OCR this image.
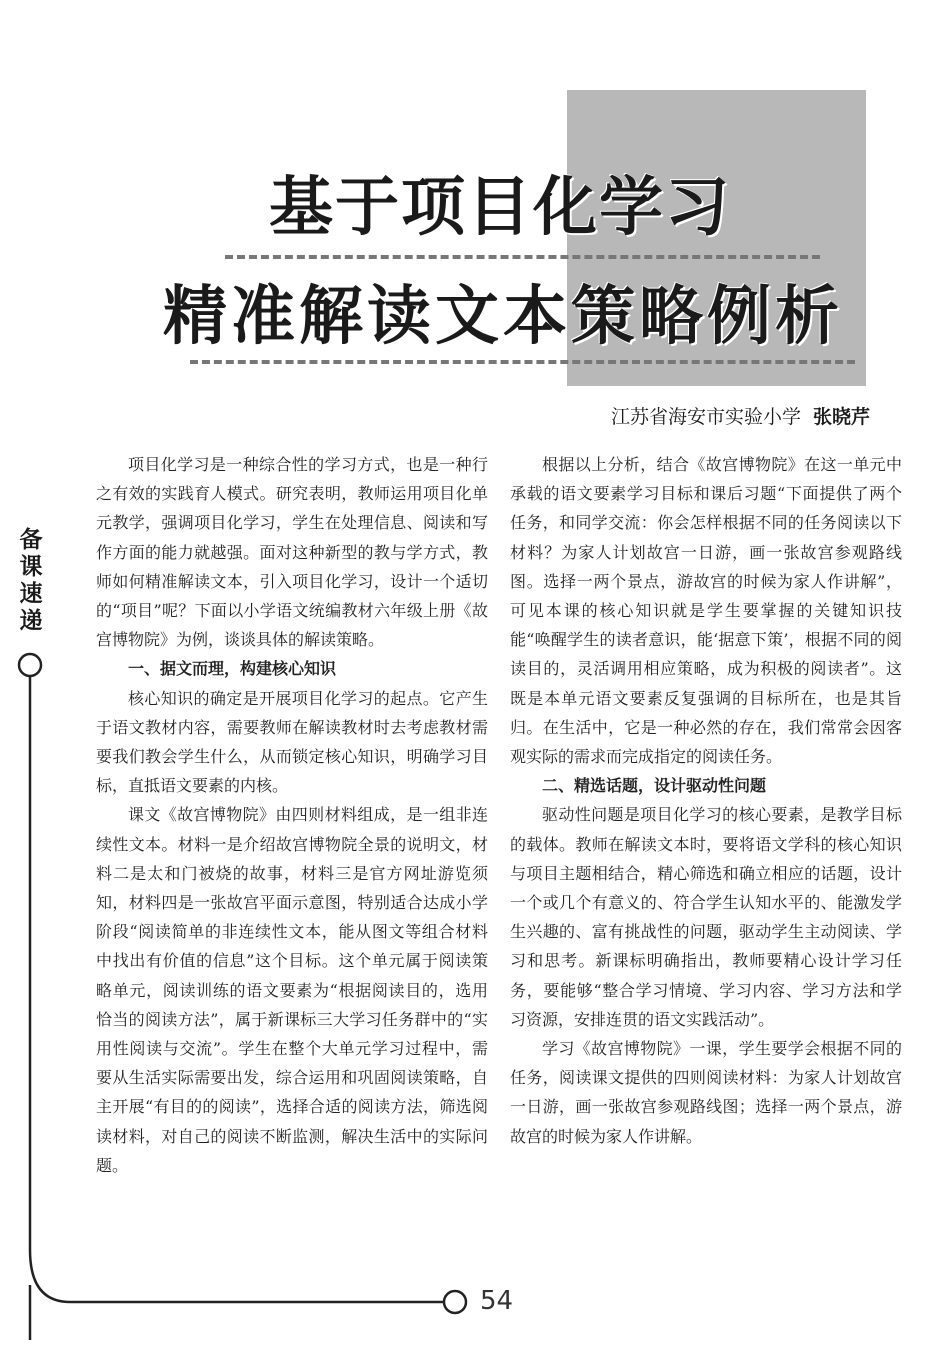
基于项目化学习
精准解读文本策略例析
江苏省海安市实验小学 张晓芹
备
课
速
递

项目化学习是一种综合性的学习方式，也是一种行之有效的实践育人模式。研究表明，教师运用项目化单元教学，强调项目化学习，学生在处理信息、阅读和写作方面的能力就越强。面对这种新型的教与学方式，教师如何精准解读文本，引入项目化学习，设计一个适切的“项目”呢？下面以小学语文统编教材六年级上册《故宫博物院》为例，谈谈具体的解读策略。

一、据文而理，构建核心知识

核心知识的确定是开展项目化学习的起点。它产生于语文教材内容，需要教师在解读教材时去考虑教材需要我们教会学生什么，从而锁定核心知识，明确学习目标，直抵语文要素的内核。

课文《故宫博物院》由四则材料组成，是一组非连续性文本。材料一是介绍故宫博物院全景的说明文，材料二是太和门被烧的故事，材料三是官方网址游览须知，材料四是一张故宫平面示意图，特别适合达成小学阶段“阅读简单的非连续性文本，能从图文等组合材料中找出有价值的信息”这个目标。这个单元属于阅读策略单元，阅读训练的语文要素为“根据阅读目的，选用恰当的阅读方法”，属于新课标三大学习任务群中的“实用性阅读与交流”。学生在整个大单元学习过程中，需要从生活实际需要出发，综合运用和巩固阅读策略，自主开展“有目的的阅读”，选择合适的阅读方法，筛选阅读材料，对自己的阅读不断监测，解决生活中的实际问题。

根据以上分析，结合《故宫博物院》在这一单元中承载的语文要素学习目标和课后习题“下面提供了两个任务，和同学交流：你会怎样根据不同的任务阅读以下材料？为家人计划故宫一日游，画一张故宫参观路线图。选择一两个景点，游故宫的时候为家人作讲解”，可见本课的核心知识就是学生要掌握的关键知识技能“唤醒学生的读者意识，能‘据意下策’，根据不同的阅读目的，灵活调用相应策略，成为积极的阅读者”。这既是本单元语文要素反复强调的目标所在，也是其旨归。在生活中，它是一种必然的存在，我们常常会因客观实际的需求而完成指定的阅读任务。

二、精选话题，设计驱动性问题

驱动性问题是项目化学习的核心要素，是教学目标的载体。教师在解读文本时，要将语文学科的核心知识与项目主题相结合，精心筛选和确立相应的话题，设计一个或几个有意义的、符合学生认知水平的、能激发学生兴趣的、富有挑战性的问题，驱动学生主动阅读、学习和思考。新课标明确指出，教师要精心设计学习任务，要能够“整合学习情境、学习内容、学习方法和学习资源，安排连贯的语文实践活动”。

学习《故宫博物院》一课，学生要学会根据不同的任务，阅读课文提供的四则阅读材料：为家人计划故宫一日游，画一张故宫参观路线图；选择一两个景点，游故宫的时候为家人作讲解。

54
